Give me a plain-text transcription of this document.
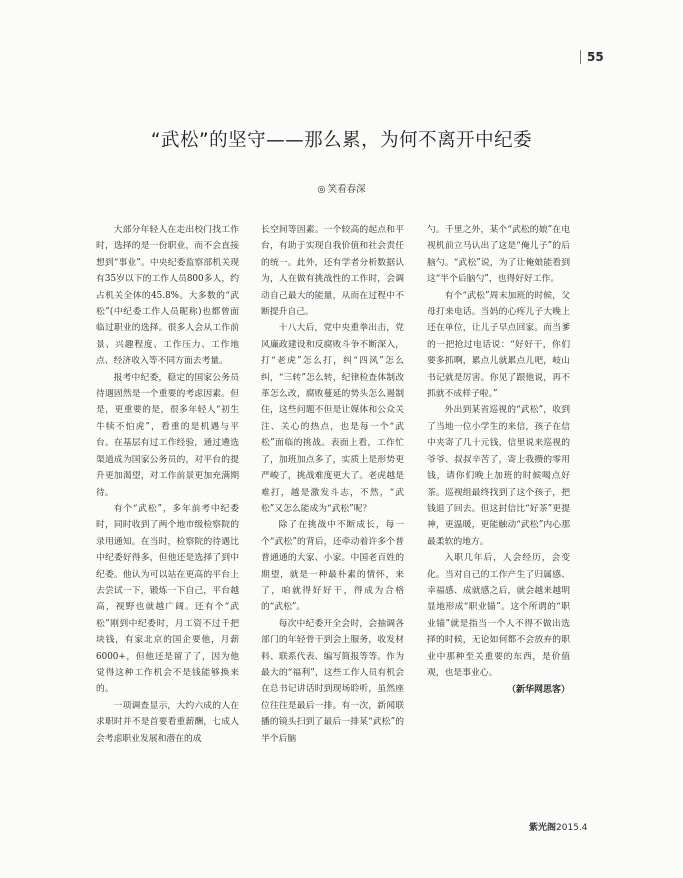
55
“武松”的坚守——那么累，为何不离开中纪委
◎ 笑看春深

大部分年轻人在走出校门找工作时，选择的是一份职业，而不会直接想到“事业”。中央纪委监察部机关现有35岁以下的工作人员800多人，约占机关全体的45.8%。大多数的“武松”(中纪委工作人员昵称)也都曾面临过职业的选择。很多人会从工作前景、兴趣程度、工作压力、工作地点、经济收入等不同方面去考量。

报考中纪委，稳定的国家公务员待遇固然是一个重要的考虑因素。但是，更重要的是，很多年轻人“初生牛犊不怕虎”，看重的是机遇与平台。在基层有过工作经验，通过遴选渠道成为国家公务员的，对平台的提升更加渴望，对工作前景更加充满期待。

有个“武松”，多年前考中纪委时，同时收到了两个地市级检察院的录用通知。在当时，检察院的待遇比中纪委好得多，但他还是选择了到中纪委。他认为可以站在更高的平台上去尝试一下，锻炼一下自己，平台越高，视野也就越广阔。还有个“武松”刚到中纪委时，月工资不过千把块钱，有家北京的国企要他，月薪6000+，但他还是留了了，因为他觉得这种工作机会不是钱能够换来的。

一项调查显示，大约六成的人在求职时并不是首要看重薪酬，七成人会考虑职业发展和潜在的成

长空间等因素。一个较高的起点和平台，有助于实现自我价值和社会责任的统一。此外，还有学者分析数据认为，人在做有挑战性的工作时，会调动自己最大的能量，从而在过程中不断提升自己。

十八大后，党中央重拳出击，党风廉政建设和反腐败斗争不断深入，打“老虎”怎么打，纠“四风”怎么纠，“三转”怎么转，纪律检查体制改革怎么改，腐败蔓延的势头怎么遏制住，这些问题不但是让媒体和公众关注、关心的热点，也是每一个“武松”面临的挑战。表面上看，工作忙了，加班加点多了，实质上是形势更严峻了，挑战难度更大了。老虎越是难打，越是激发斗志，不然，“武松”又怎么能成为“武松”呢？

除了在挑战中不断成长，每一个“武松”的背后，还牵动着许多个普普通通的大家、小家。中国老百姓的期望，就是一种最朴素的情怀，来了，咱就得好好干，得成为合格的“武松”。

每次中纪委开全会时，会抽调各部门的年轻骨干到会上服务，收发材料、联系代表、编写简报等等。作为最大的“福利”，这些工作人员有机会在总书记讲话时到现场聆听，虽然座位往往是最后一排。有一次，新闻联播的镜头扫到了最后一排某“武松”的半个后脑

勺。千里之外，某个“武松的娘”在电视机前立马认出了这是“俺儿子”的后脑勺。“武松”说，为了让俺娘能看到这“半个后脑勺”，也得好好工作。

有个“武松”周末加班的时候，父母打来电话。当妈的心疼儿子大晚上还在单位，让儿子早点回家。而当爹的一把抢过电话说：“好好干，你们要多抓啊，累点儿就累点儿吧，岐山书记就是厉害。你见了跟他说，再不抓就不成样子啦。”

外出到某省巡视的“武松”，收到了当地一位小学生的来信，孩子在信中夹寄了几十元钱，信里说来巡视的爷爷、叔叔辛苦了，寄上我攒的零用钱，请你们晚上加班的时候喝点好茶。巡视组最终找到了这个孩子，把钱退了回去。但这封信比“好茶”更提神，更温暖，更能触动“武松”内心那最柔软的地方。

入职几年后，人会经历，会变化。当对自己的工作产生了归属感、幸福感、成就感之后，就会越来越明显地形成“职业锚”。这个所谓的“职业锚”就是指当一个人不得不做出选择的时候，无论如何都不会放弃的职业中那种至关重要的东西，是价值观，也是事业心。

（新华网思客）

紫光阁2015.4
